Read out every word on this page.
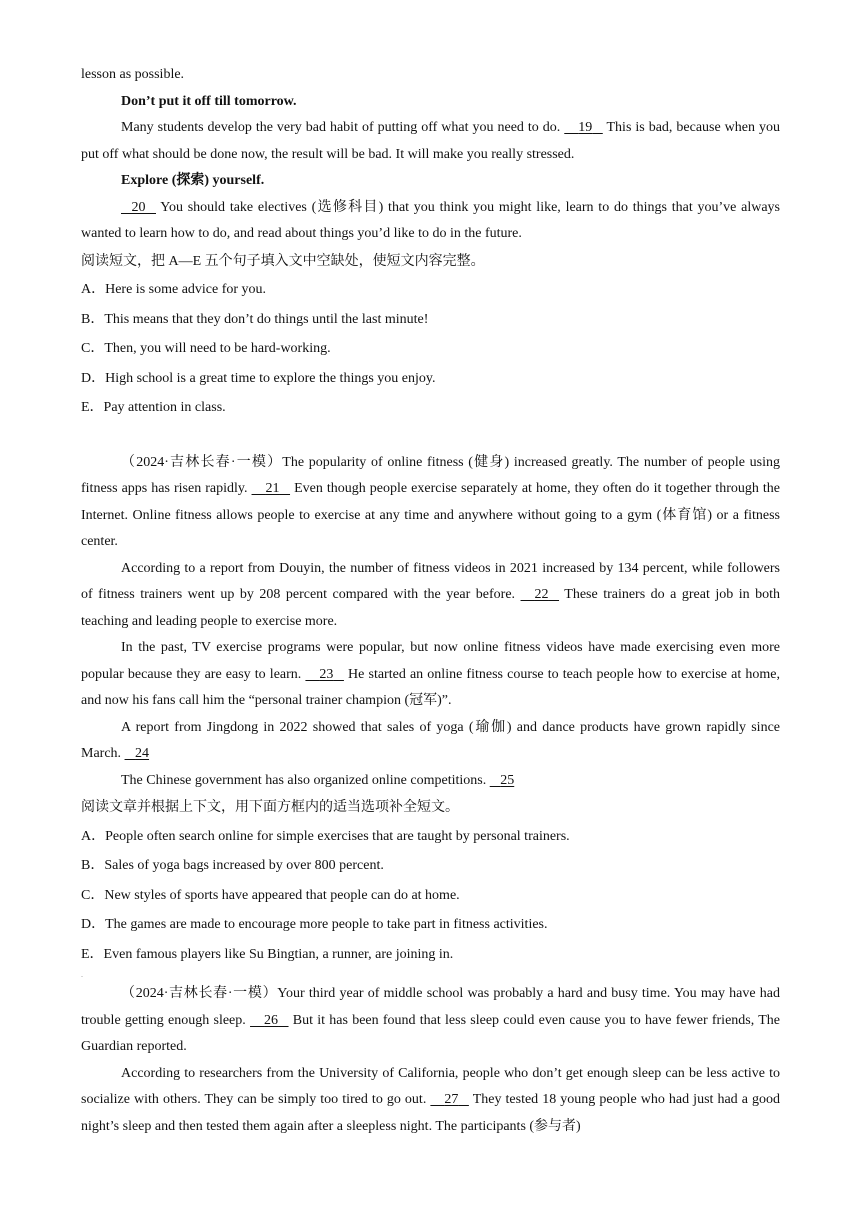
lesson as possible.

Don’t put it off till tomorrow.

Many students develop the very bad habit of putting off what you need to do.     19    This is bad, because when you put off what should be done now, the result will be bad. It will make you really stressed.

Explore (探索) yourself.

20    You should take electives (选修科目) that you think you might like, learn to do things that you’ve always wanted to learn how to do, and read about things you’d like to do in the future.

阅读短文，把 A—E 五个句子填入文中空缺处，使短文内容完整。

A．Here is some advice for you.

B．This means that they don’t do things until the last minute!

C．Then, you will need to be hard-working.

D．High school is a great time to explore the things you enjoy.

E．Pay attention in class.

（2024·吉林长春·一模）The popularity of online fitness (健身) increased greatly. The number of people using fitness apps has risen rapidly.     21    Even though people exercise separately at home, they often do it together through the Internet. Online fitness allows people to exercise at any time and anywhere without going to a gym (体育馆) or a fitness center.

According to a report from Douyin, the number of fitness videos in 2021 increased by 134 percent, while followers of fitness trainers went up by 208 percent compared with the year before.     22    These trainers do a great job in both teaching and leading people to exercise more.

In the past, TV exercise programs were popular, but now online fitness videos have made exercising even more popular because they are easy to learn.     23    He started an online fitness course to teach people how to exercise at home, and now his fans call him the “personal trainer champion (冠军)”.

A report from Jingdong in 2022 showed that sales of yoga (瑜伽) and dance products have grown rapidly since March.    24

The Chinese government has also organized online competitions.    25

阅读文章并根据上下文，用下面方框内的适当选项补全短文。

A．People often search online for simple exercises that are taught by personal trainers.

B．Sales of yoga bags increased by over 800 percent.

C．New styles of sports have appeared that people can do at home.

D．The games are made to encourage more people to take part in fitness activities.

E．Even famous players like Su Bingtian, a runner, are joining in.

.

（2024·吉林长春·一模）Your third year of middle school was probably a hard and busy time. You may have had trouble getting enough sleep.     26    But it has been found that less sleep could even cause you to have fewer friends, The Guardian reported.

According to researchers from the University of California, people who don’t get enough sleep can be less active to socialize with others. They can be simply too tired to go out.     27    They tested 18 young people who had just had a good night’s sleep and then tested them again after a sleepless night. The participants (参与者)
